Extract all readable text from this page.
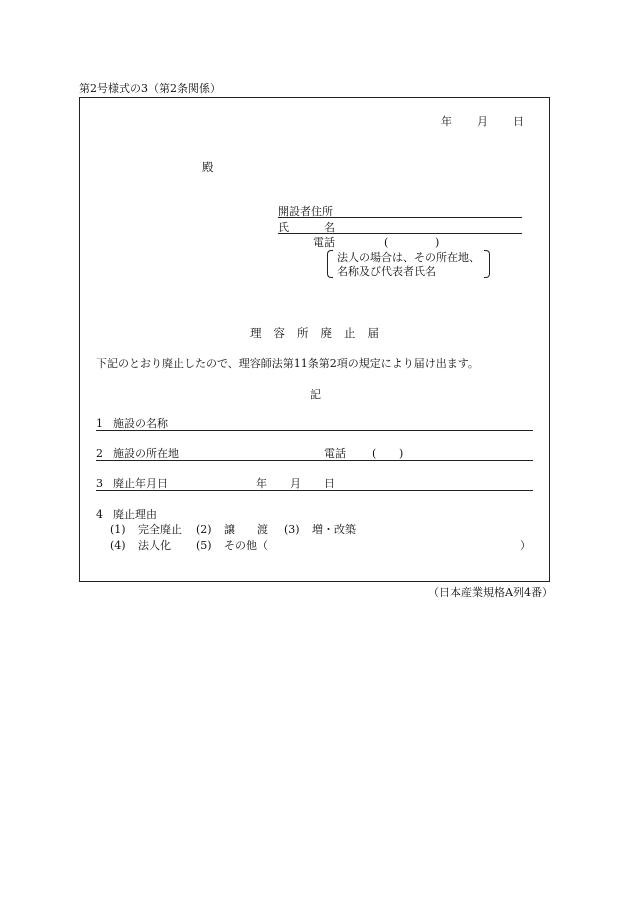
第2号様式の3（第2条関係）
年 月 日
殿
開設者住所
氏	名
電話	(	)
法人の場合は、その所在地、
名称及び代表者氏名
理容所廃止届
下記のとおり廃止したので、理容師法第11条第2項の規定により届け出ます。
記
1 施設の名称
2 施設の所在地	電話 ( )
3 廃止年月日	年 月 日
4 廃止理由
(1) 完全廃止 (2) 譲　　渡 (3) 増・改築
(4) 法人化 (5) その他（	）
（日本産業規格A列4番）
